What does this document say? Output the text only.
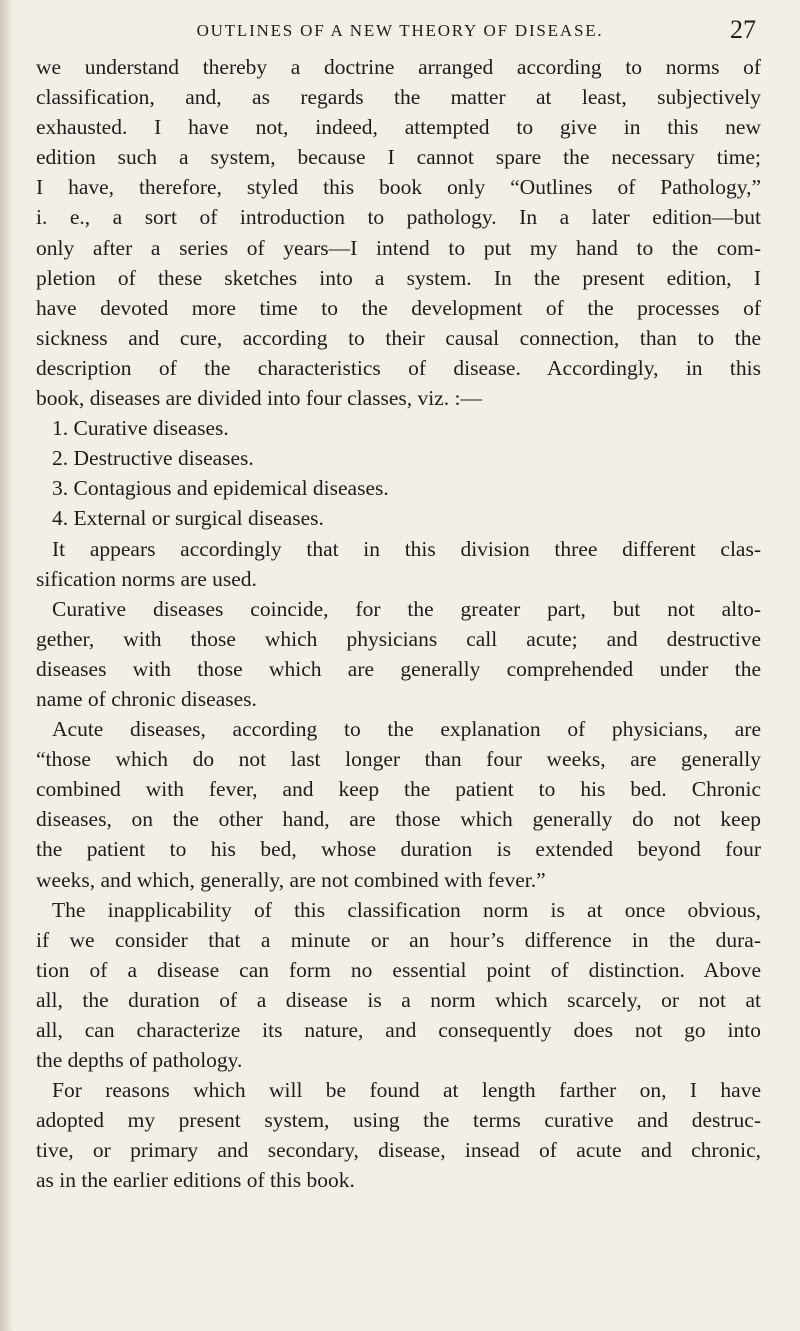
OUTLINES OF A NEW THEORY OF DISEASE.	27
we understand thereby a doctrine arranged according to norms of
classification, and, as regards the matter at least, subjectively
exhausted. I have not, indeed, attempted to give in this new
edition such a system, because I cannot spare the necessary time;
I have, therefore, styled this book only “Outlines of Pathology,”
i. e., a sort of introduction to pathology. In a later edition—but
only after a series of years—I intend to put my hand to the com-
pletion of these sketches into a system. In the present edition, I
have devoted more time to the development of the processes of
sickness and cure, according to their causal connection, than to the
description of the characteristics of disease. Accordingly, in this
book, diseases are divided into four classes, viz. :—
1. Curative diseases.
2. Destructive diseases.
3. Contagious and epidemical diseases.
4. External or surgical diseases.
It appears accordingly that in this division three different clas-
sification norms are used.
Curative diseases coincide, for the greater part, but not alto-
gether, with those which physicians call acute; and destructive
diseases with those which are generally comprehended under the
name of chronic diseases.
Acute diseases, according to the explanation of physicians, are
“those which do not last longer than four weeks, are generally
combined with fever, and keep the patient to his bed. Chronic
diseases, on the other hand, are those which generally do not keep
the patient to his bed, whose duration is extended beyond four
weeks, and which, generally, are not combined with fever.”
The inapplicability of this classification norm is at once obvious,
if we consider that a minute or an hour’s difference in the dura-
tion of a disease can form no essential point of distinction. Above
all, the duration of a disease is a norm which scarcely, or not at
all, can characterize its nature, and consequently does not go into
the depths of pathology.
For reasons which will be found at length farther on, I have
adopted my present system, using the terms curative and destruc-
tive, or primary and secondary, disease, insead of acute and chronic,
as in the earlier editions of this book.
